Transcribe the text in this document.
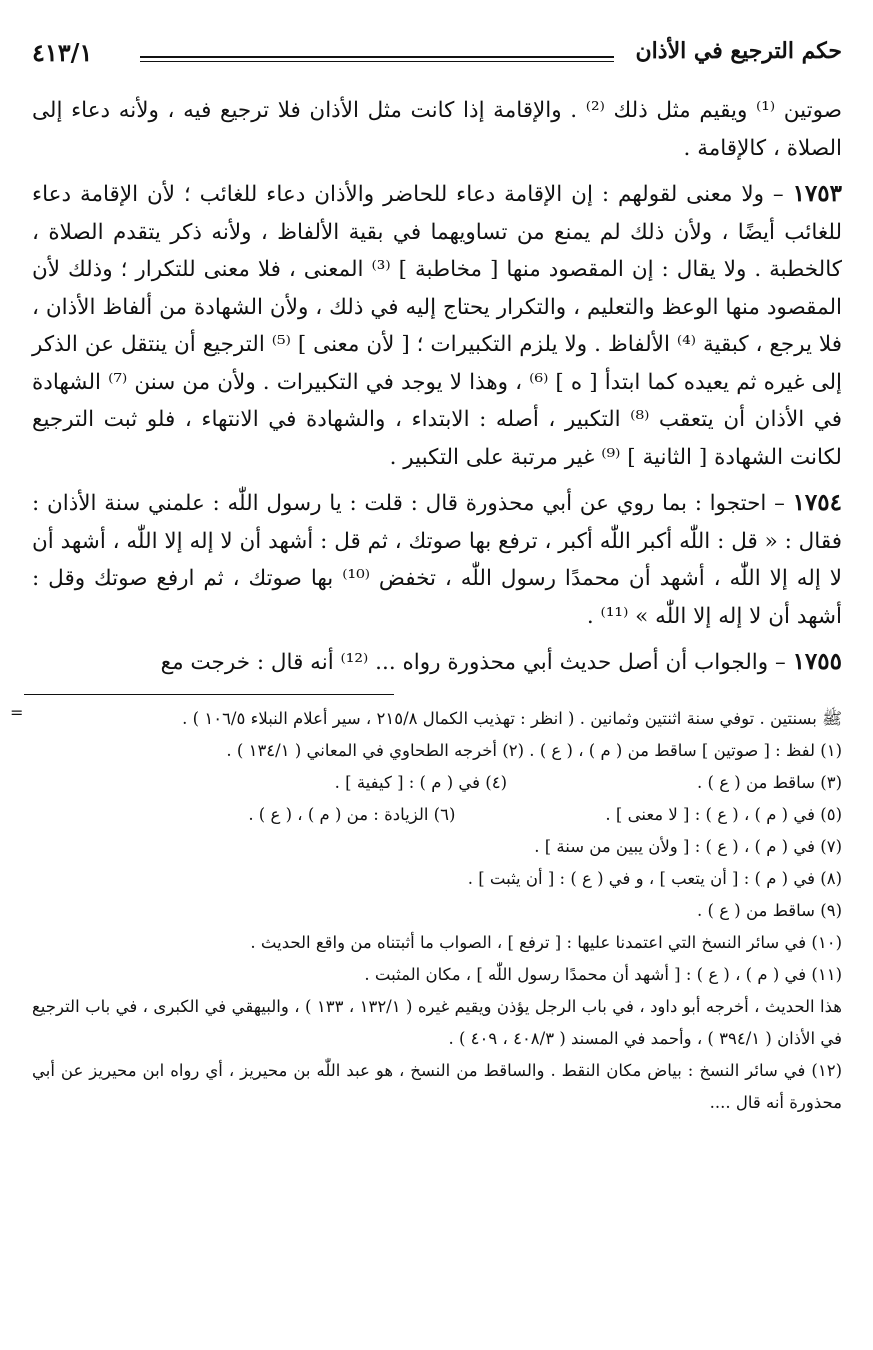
حكم الترجيع في الأذان
٤١٣/١

صوتين ⁽¹⁾ ويقيم مثل ذلك ⁽²⁾ . والإقامة إذا كانت مثل الأذان فلا ترجيع فيه ، ولأنه دعاء إلى الصلاة ، كالإقامة .

١٧٥٣ – ولا معنى لقولهم : إن الإقامة دعاء للحاضر والأذان دعاء للغائب ؛ لأن الإقامة دعاء للغائب أيضًا ، ولأن ذلك لم يمنع من تساويهما في بقية الألفاظ ، ولأنه ذكر يتقدم الصلاة ، كالخطبة . ولا يقال : إن المقصود منها [ مخاطبة ] ⁽³⁾ المعنى ، فلا معنى للتكرار ؛ وذلك لأن المقصود منها الوعظ والتعليم ، والتكرار يحتاج إليه في ذلك ، ولأن الشهادة من ألفاظ الأذان ، فلا يرجع ، كبقية ⁽⁴⁾ الألفاظ . ولا يلزم التكبيرات ؛ [ لأن معنى ] ⁽⁵⁾ الترجيع أن ينتقل عن الذكر إلى غيره ثم يعيده كما ابتدأ [ ه ] ⁽⁶⁾ ، وهذا لا يوجد في التكبيرات . ولأن من سنن ⁽⁷⁾ الشهادة في الأذان أن يتعقب ⁽⁸⁾ التكبير ، أصله : الابتداء ، والشهادة في الانتهاء ، فلو ثبت الترجيع لكانت الشهادة [ الثانية ] ⁽⁹⁾ غير مرتبة على التكبير .

١٧٥٤ – احتجوا : بما روي عن أبي محذورة قال : قلت : يا رسول اللّٰه : علمني سنة الأذان : فقال : « قل : اللّٰه أكبر اللّٰه أكبر ، ترفع بها صوتك ، ثم قل : أشهد أن لا إله إلا اللّٰه ، أشهد أن لا إله إلا اللّٰه ، أشهد أن محمدًا رسول اللّٰه ، تخفض ⁽¹⁰⁾ بها صوتك ، ثم ارفع صوتك وقل : أشهد أن لا إله إلا اللّٰه » ⁽¹¹⁾ .

١٧٥٥ – والجواب أن أصل حديث أبي محذورة رواه ... ⁽¹²⁾ أنه قال : خرجت مع

=	ﷺ بسنتين . توفي سنة اثنتين وثمانين . ( انظر : تهذيب الكمال ٢١٥/٨ ، سير أعلام النبلاء ١٠٦/٥ ) .
(١) لفظ : [ صوتين ] ساقط من ( م ) ، ( ع ) . (٢) أخرجه الطحاوي في المعاني ( ١٣٤/١ ) .
(٣) ساقط من ( ع ) .(٤) في ( م ) : [ كيفية ] .
(٥) في ( م ) ، ( ع ) : [ لا معنى ] .(٦) الزيادة : من ( م ) ، ( ع ) .
(٧) في ( م ) ، ( ع ) : [ ولأن يبين من سنة ] .
(٨) في ( م ) : [ أن يتعب ] ، و في ( ع ) : [ أن يثبت ] .
(٩) ساقط من ( ع ) .
(١٠) في سائر النسخ التي اعتمدنا عليها : [ ترفع ] ، الصواب ما أثبتناه من واقع الحديث .
(١١) في ( م ) ، ( ع ) : [ أشهد أن محمدًا رسول اللّٰه ] ، مكان المثبت .
هذا الحديث ، أخرجه أبو داود ، في باب الرجل يؤذن ويقيم غيره ( ١٣٢/١ ، ١٣٣ ) ، والبيهقي في الكبرى ، في باب الترجيع في الأذان ( ٣٩٤/١ ) ، وأحمد في المسند ( ٤٠٨/٣ ، ٤٠٩ ) .
(١٢) في سائر النسخ : بياض مكان النقط . والساقط من النسخ ، هو عبد اللّٰه بن محيريز ، أي رواه ابن محيريز عن أبي محذورة أنه قال ....
